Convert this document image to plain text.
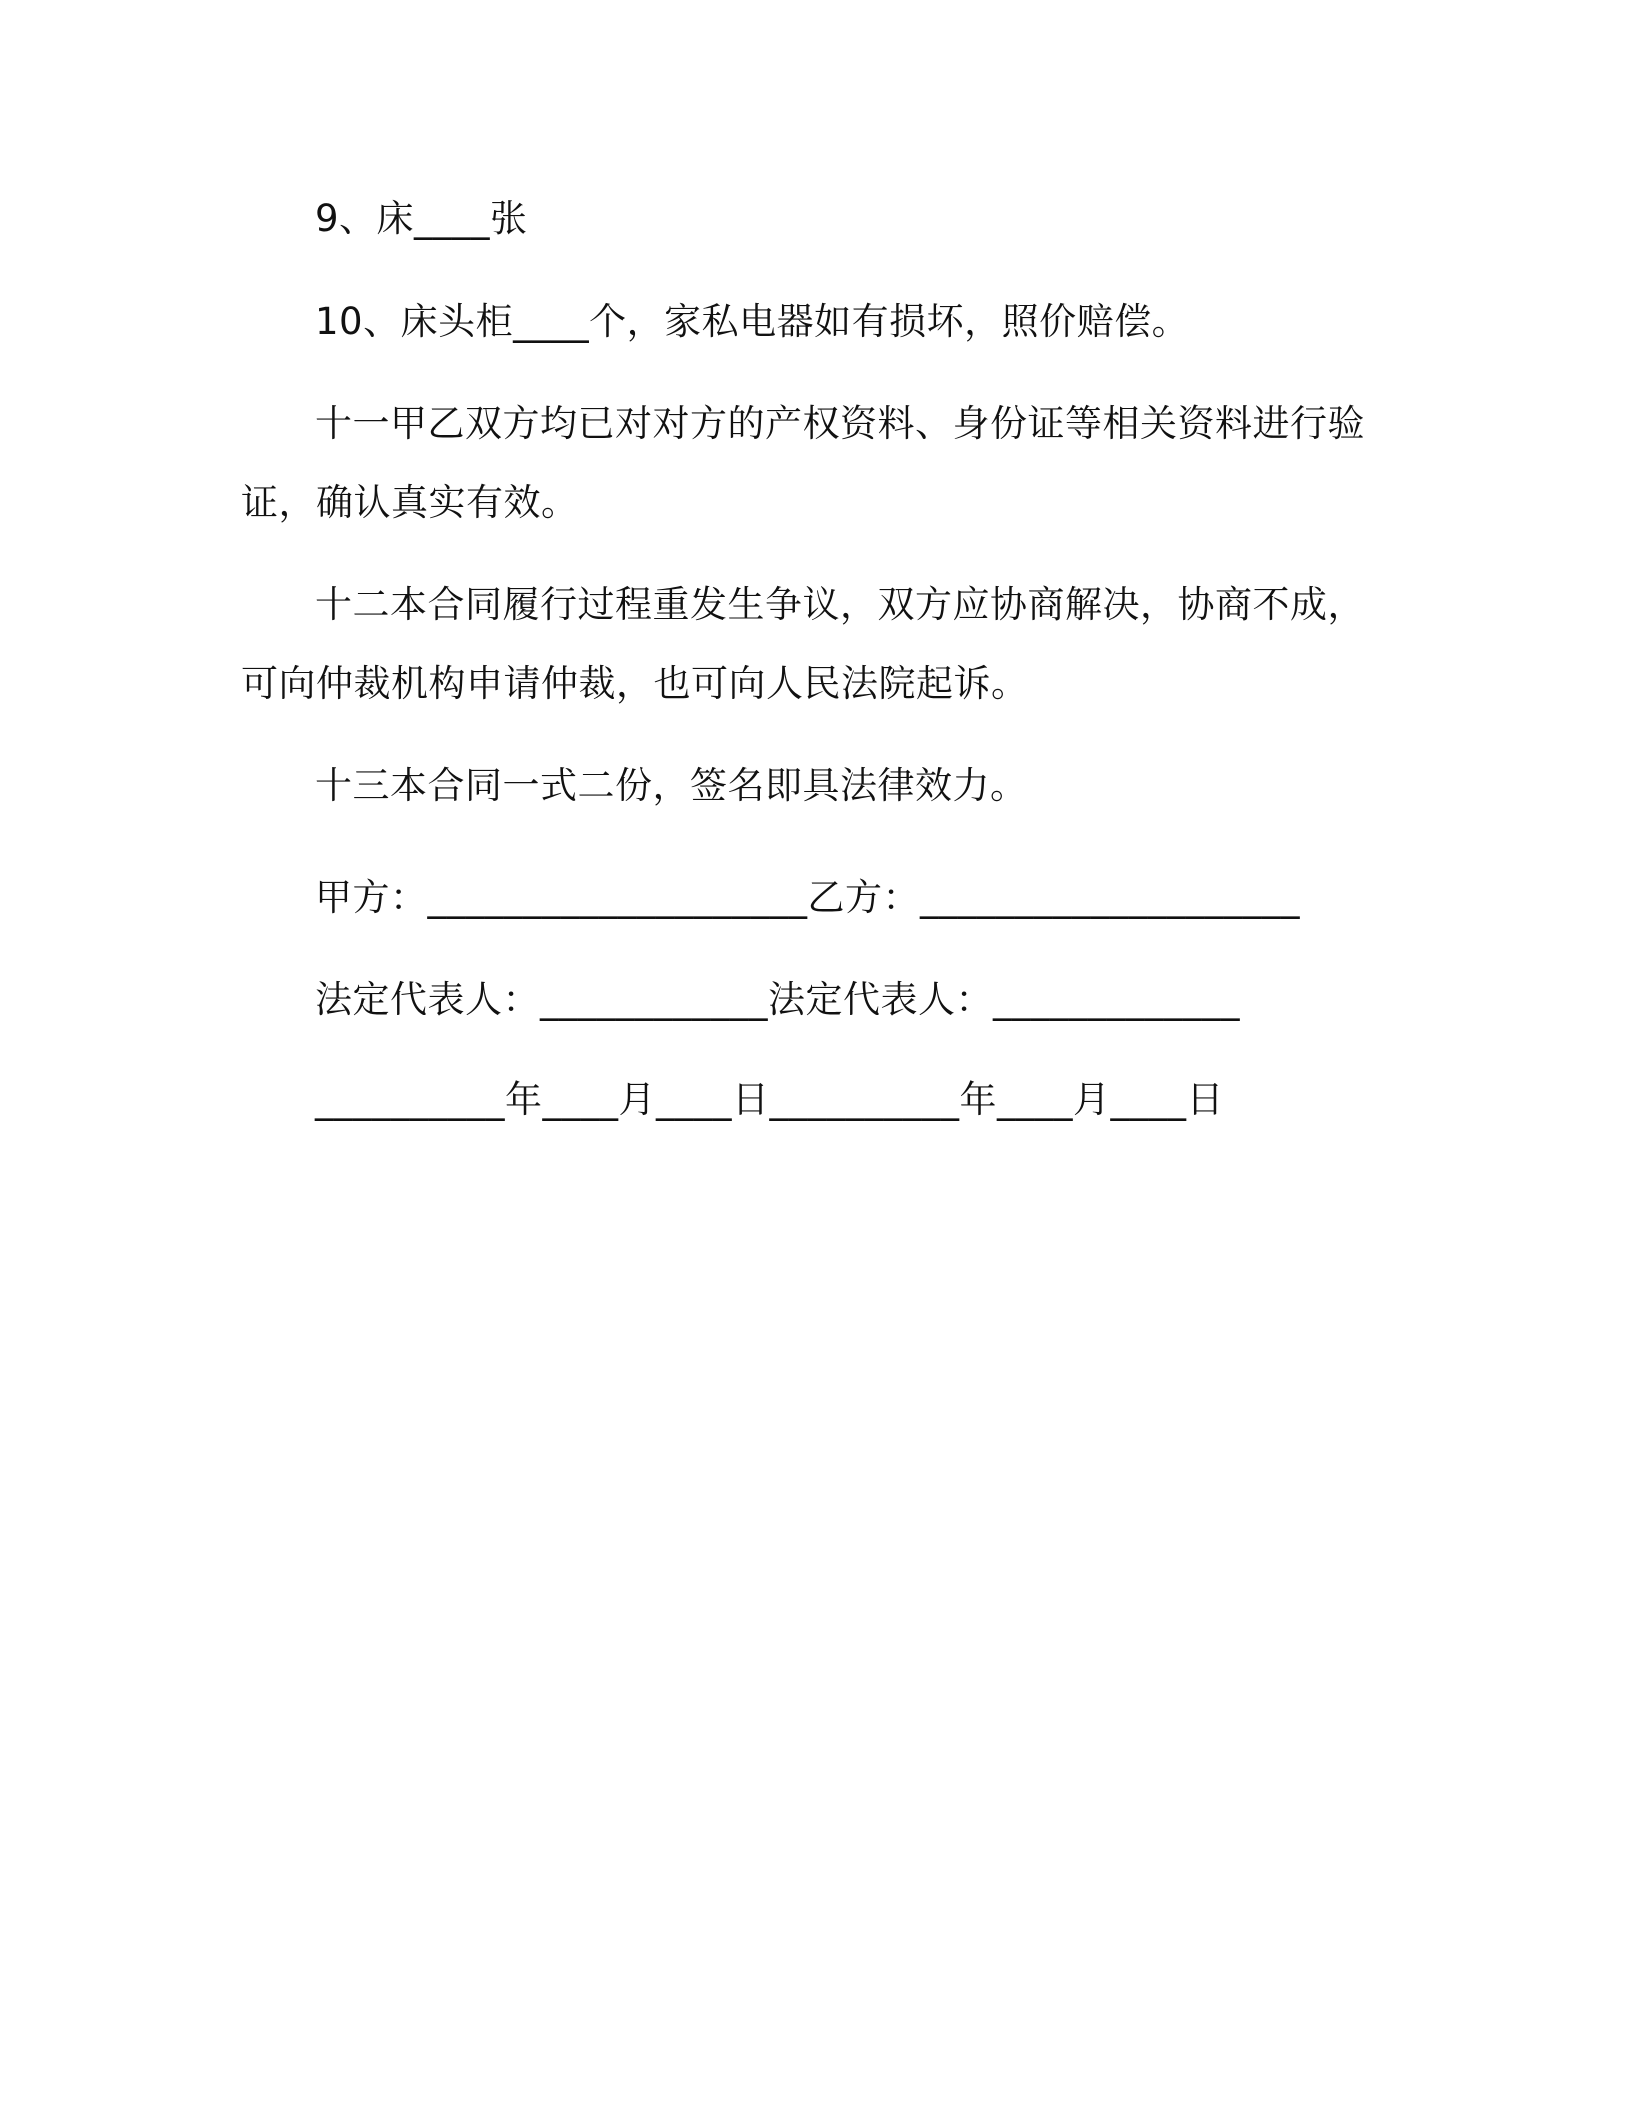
9、床____张
10、床头柜____个，家私电器如有损坏，照价赔偿。
十一甲乙双方均已对对方的产权资料、身份证等相关资料进行验
证，确认真实有效。
十二本合同履行过程重发生争议，双方应协商解决，协商不成，
可向仲裁机构申请仲裁，也可向人民法院起诉。
十三本合同一式二份，签名即具法律效力。
甲方：____________________乙方：____________________
法定代表人：____________法定代表人：_____________
__________年____月____日__________年____月____日
